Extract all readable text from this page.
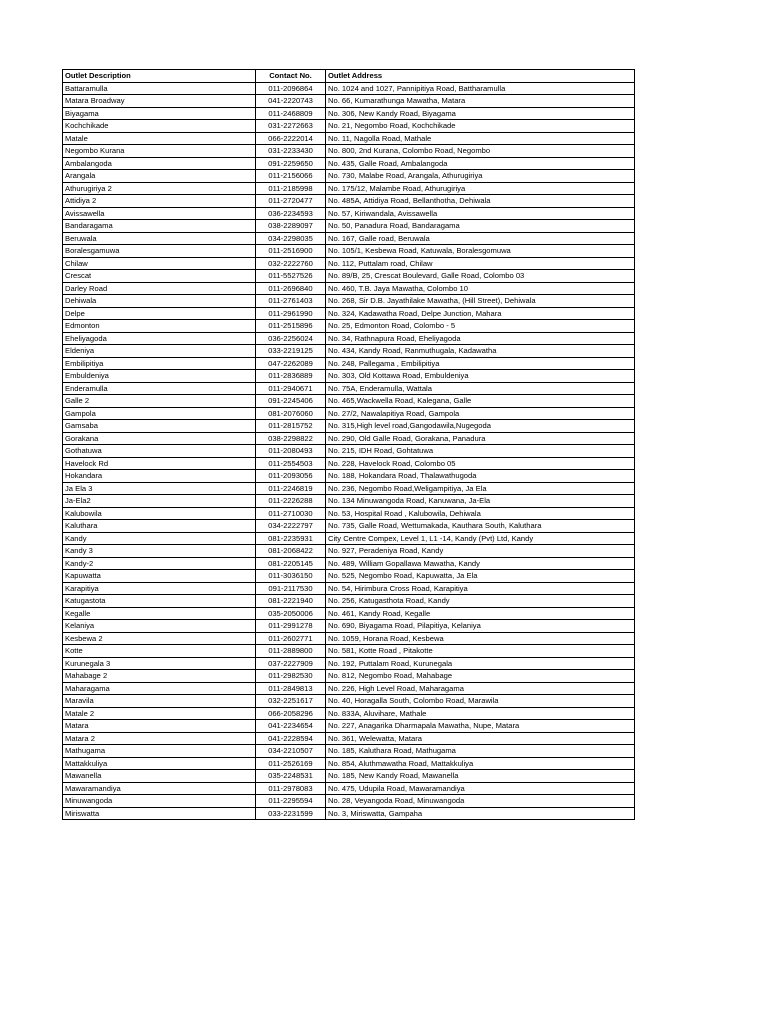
Outlet Description	Contact No.	Outlet Address
Battaramulla	011-2096864	No. 1024 and 1027, Pannipitiya Road, Battharamulla
Matara Broadway	041-2220743	No. 66, Kumarathunga Mawatha, Matara
Biyagama	011-2468809	No. 306, New Kandy Road, Biyagama
Kochchikade	031-2272663	No. 21, Negombo Road, Kochchikade
Matale	066-2222014	No. 11, Nagolla Road, Mathale
Negombo Kurana	031-2233430	No. 800, 2nd Kurana, Colombo Road, Negombo
Ambalangoda	091-2259650	No. 435, Galle Road, Ambalangoda
Arangala	011-2156066	No. 730, Malabe Road, Arangala, Athurugiriya
Athurugiriya 2	011-2185998	No. 175/12, Malambe Road, Athurugiriya
Attidiya 2	011-2720477	No. 485A, Attidiya Road, Bellanthotha, Dehiwala
Avissawella	036-2234593	No. 57, Kiriwandala, Avissawella
Bandaragama	038-2289097	No. 50, Panadura Road, Bandaragama
Beruwala	034-2298035	No. 167, Galle road, Beruwala
Boralesgamuwa	011-2516900	No. 105/1, Kesbewa Road, Katuwala, Boralesgomuwa
Chilaw	032-2222760	No. 112, Puttalam road, Chilaw
Crescat	011-5527526	No. 89/B, 25, Crescat Boulevard, Galle Road, Colombo 03
Darley Road	011-2696840	No. 460, T.B. Jaya Mawatha, Colombo 10
Dehiwala	011-2761403	No. 268, Sir D.B. Jayathilake Mawatha, (Hill Street), Dehiwala
Delpe	011-2961990	No. 324, Kadawatha Road, Delpe Junction, Mahara
Edmonton	011-2515896	No. 25, Edmonton Road, Colombo - 5
Eheliyagoda	036-2256024	No. 34, Rathnapura Road, Eheliyagoda
Eldeniya	033-2219125	No. 434, Kandy Road, Ranmuthugala, Kadawatha
Embilipitiya	047-2262089	No. 248, Pallegama , Embilipitiya
Embuldeniya	011-2836889	No. 303, Old Kottawa Road, Embuldeniya
Enderamulla	011-2940671	No. 75A, Enderamulla, Wattala
Galle 2	091-2245406	No. 465,Wackwella Road, Kalegana, Galle
Gampola	081-2076060	No. 27/2, Nawalapitiya Road, Gampola
Gamsaba	011-2815752	No. 315,High level road,Gangodawila,Nugegoda
Gorakana	038-2298822	No. 290, Old Galle Road, Gorakana, Panadura
Gothatuwa	011-2080493	No. 215, IDH Road, Gohtatuwa
Havelock Rd	011-2554503	No. 228, Havelock Road, Colombo 05
Hokandara	011-2093056	No. 188, Hokandara Road, Thalawathugoda
Ja Ela 3	011-2246819	No. 236, Negombo Road,Weligampitiya, Ja Ela
Ja-Ela2	011-2226288	No. 134 Minuwangoda Road, Kanuwana, Ja-Ela
Kalubowila	011-2710030	No. 53, Hospital Road , Kalubowila, Dehiwala
Kaluthara	034-2222797	No. 735, Galle Road, Wettumakada, Kauthara South, Kaluthara
Kandy	081-2235931	City Centre Compex, Level 1, L1 -14, Kandy (Pvt) Ltd, Kandy
Kandy 3	081-2068422	No. 927, Peradeniya Road, Kandy
Kandy-2	081-2205145	No. 489, William Gopallawa Mawatha, Kandy
Kapuwatta	011-3036150	No. 525, Negombo Road, Kapuwatta, Ja Ela
Karapitiya	091-2117530	No. 54, Hirimbura Cross Road, Karapitiya
Katugastota	081-2221940	No. 256, Katugasthota Road, Kandy
Kegalle	035-2050006	No. 461, Kandy Road, Kegalle
Kelaniya	011-2991278	No. 690, Biyagama Road, Pilapitiya, Kelaniya
Kesbewa 2	011-2602771	No. 1059, Horana Road, Kesbewa
Kotte	011-2889800	No. 581, Kotte Road , Pitakotte
Kurunegala 3	037-2227909	No. 192, Puttalam Road, Kurunegala
Mahabage 2	011-2982530	No. 812, Negombo Road, Mahabage
Maharagama	011-2849813	No. 226, High Level Road, Maharagama
Maravila	032-2251617	No. 40, Horagalla South, Colombo Road, Marawila
Matale 2	066-2058296	No. 833A, Aluvihare, Mathale
Matara	041-2234654	No. 227, Anagarika Dharmapala Mawatha, Nupe, Matara
Matara 2	041-2228594	No. 361, Welewatta, Matara
Mathugama	034-2210507	No. 185, Kaluthara Road, Mathugama
Mattakkuliya	011-2526169	No. 854, Aluthmawatha Road, Mattakkuliya
Mawanella	035-2248531	No. 185, New Kandy Road, Mawanella
Mawaramandiya	011-2978083	No. 475, Udupila Road, Mawaramandiya
Minuwangoda	011-2295594	No. 28, Veyangoda Road, Minuwangoda
Miriswatta	033-2231599	No. 3, Miriswatta, Gampaha
